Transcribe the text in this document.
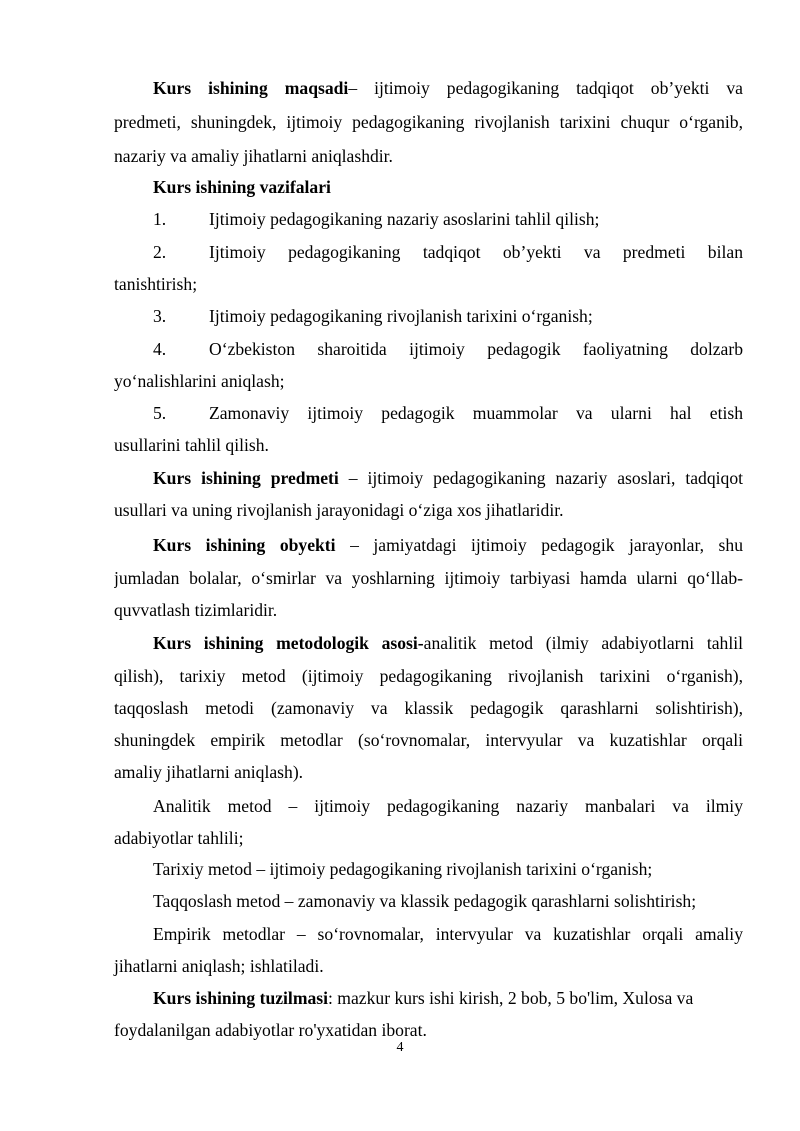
Kurs ishining maqsadi– ijtimoiy pedagogikaning tadqiqot ob’yekti va
predmeti, shuningdek, ijtimoiy pedagogikaning rivojlanish tarixini chuqur o‘rganib,
nazariy va amaliy jihatlarni aniqlashdir.
Kurs ishining vazifalari
1. Ijtimoiy pedagogikaning nazariy asoslarini tahlil qilish;
2. Ijtimoiy pedagogikaning tadqiqot ob’yekti va predmeti bilan
tanishtirish;
3. Ijtimoiy pedagogikaning rivojlanish tarixini o‘rganish;
4. O‘zbekiston sharoitida ijtimoiy pedagogik faoliyatning dolzarb
yo‘nalishlarini aniqlash;
5. Zamonaviy ijtimoiy pedagogik muammolar va ularni hal etish
usullarini tahlil qilish.
Kurs ishining predmeti – ijtimoiy pedagogikaning nazariy asoslari, tadqiqot
usullari va uning rivojlanish jarayonidagi o‘ziga xos jihatlaridir.
Kurs ishining obyekti – jamiyatdagi ijtimoiy pedagogik jarayonlar, shu
jumladan bolalar, o‘smirlar va yoshlarning ijtimoiy tarbiyasi hamda ularni qo‘llab-
quvvatlash tizimlaridir.
Kurs ishining metodologik asosi-analitik metod (ilmiy adabiyotlarni tahlil
qilish), tarixiy metod (ijtimoiy pedagogikaning rivojlanish tarixini o‘rganish),
taqqoslash metodi (zamonaviy va klassik pedagogik qarashlarni solishtirish),
shuningdek empirik metodlar (so‘rovnomalar, intervyular va kuzatishlar orqali
amaliy jihatlarni aniqlash).
Analitik metod – ijtimoiy pedagogikaning nazariy manbalari va ilmiy
adabiyotlar tahlili;
Tarixiy metod – ijtimoiy pedagogikaning rivojlanish tarixini o‘rganish;
Taqqoslash metod – zamonaviy va klassik pedagogik qarashlarni solishtirish;
Empirik metodlar – so‘rovnomalar, intervyular va kuzatishlar orqali amaliy
jihatlarni aniqlash; ishlatiladi.
Kurs ishining tuzilmasi: mazkur kurs ishi kirish, 2 bob, 5 bo'lim, Xulosa va
foydalanilgan adabiyotlar ro'yxatidan iborat.
4
